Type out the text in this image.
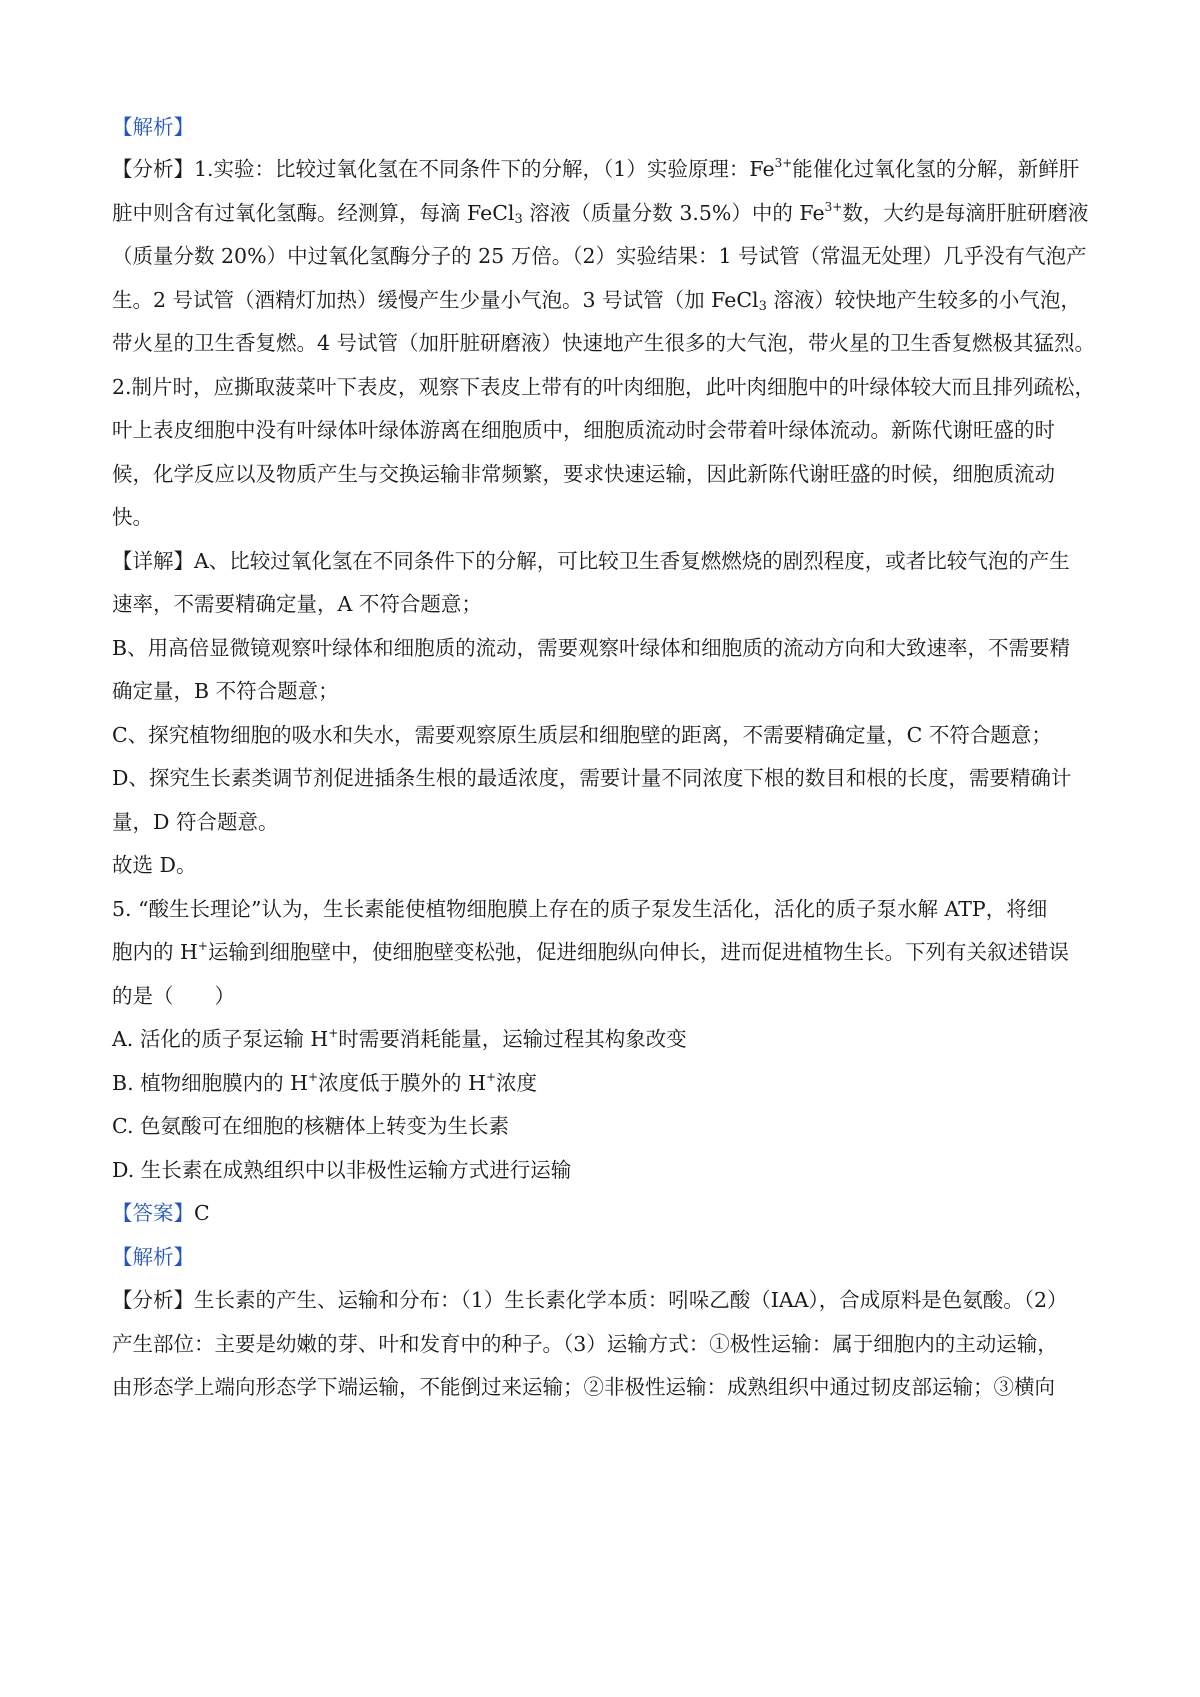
【解析】
【分析】1.实验：比较过氧化氢在不同条件下的分解，（1）实验原理：$Fe^{3+}$能催化过氧化氢的分解，新鲜肝
脏中则含有过氧化氢酶。经测算，每滴 FeCl$_3$ 溶液（质量分数 3.5%）中的 $Fe^{3+}$数，大约是每滴肝脏研磨液
（质量分数 20%）中过氧化氢酶分子的 25 万倍。（2）实验结果：1 号试管（常温无处理）几乎没有气泡产
生。2 号试管（酒精灯加热）缓慢产生少量小气泡。3 号试管（加 FeCl$_3$ 溶液）较快地产生较多的小气泡，
带火星的卫生香复燃。4 号试管（加肝脏研磨液）快速地产生很多的大气泡，带火星的卫生香复燃极其猛烈。
2.制片时，应撕取菠菜叶下表皮，观察下表皮上带有的叶肉细胞，此叶肉细胞中的叶绿体较大而且排列疏松，
叶上表皮细胞中没有叶绿体叶绿体游离在细胞质中，细胞质流动时会带着叶绿体流动。新陈代谢旺盛的时
候，化学反应以及物质产生与交换运输非常频繁，要求快速运输，因此新陈代谢旺盛的时候，细胞质流动
快。
【详解】A、比较过氧化氢在不同条件下的分解，可比较卫生香复燃燃烧的剧烈程度，或者比较气泡的产生
速率，不需要精确定量，A 不符合题意；
B、用高倍显微镜观察叶绿体和细胞质的流动，需要观察叶绿体和细胞质的流动方向和大致速率，不需要精
确定量，B 不符合题意；
C、探究植物细胞的吸水和失水，需要观察原生质层和细胞壁的距离，不需要精确定量，C 不符合题意；
D、探究生长素类调节剂促进插条生根的最适浓度，需要计量不同浓度下根的数目和根的长度，需要精确计
量，D 符合题意。
故选 D。
5. “酸生长理论”认为，生长素能使植物细胞膜上存在的质子泵发生活化，活化的质子泵水解 ATP，将细
胞内的 H+运输到细胞壁中，使细胞壁变松弛，促进细胞纵向伸长，进而促进植物生长。下列有关叙述错误
的是（　　）
A. 活化的质子泵运输 H+时需要消耗能量，运输过程其构象改变
B. 植物细胞膜内的 H+浓度低于膜外的 H+浓度
C. 色氨酸可在细胞的核糖体上转变为生长素
D. 生长素在成熟组织中以非极性运输方式进行运输
【答案】C
【解析】
【分析】生长素的产生、运输和分布：（1）生长素化学本质：吲哚乙酸（IAA），合成原料是色氨酸。（2）
产生部位：主要是幼嫩的芽、叶和发育中的种子。（3）运输方式：①极性运输：属于细胞内的主动运输，
由形态学上端向形态学下端运输，不能倒过来运输；②非极性运输：成熟组织中通过韧皮部运输；③横向
